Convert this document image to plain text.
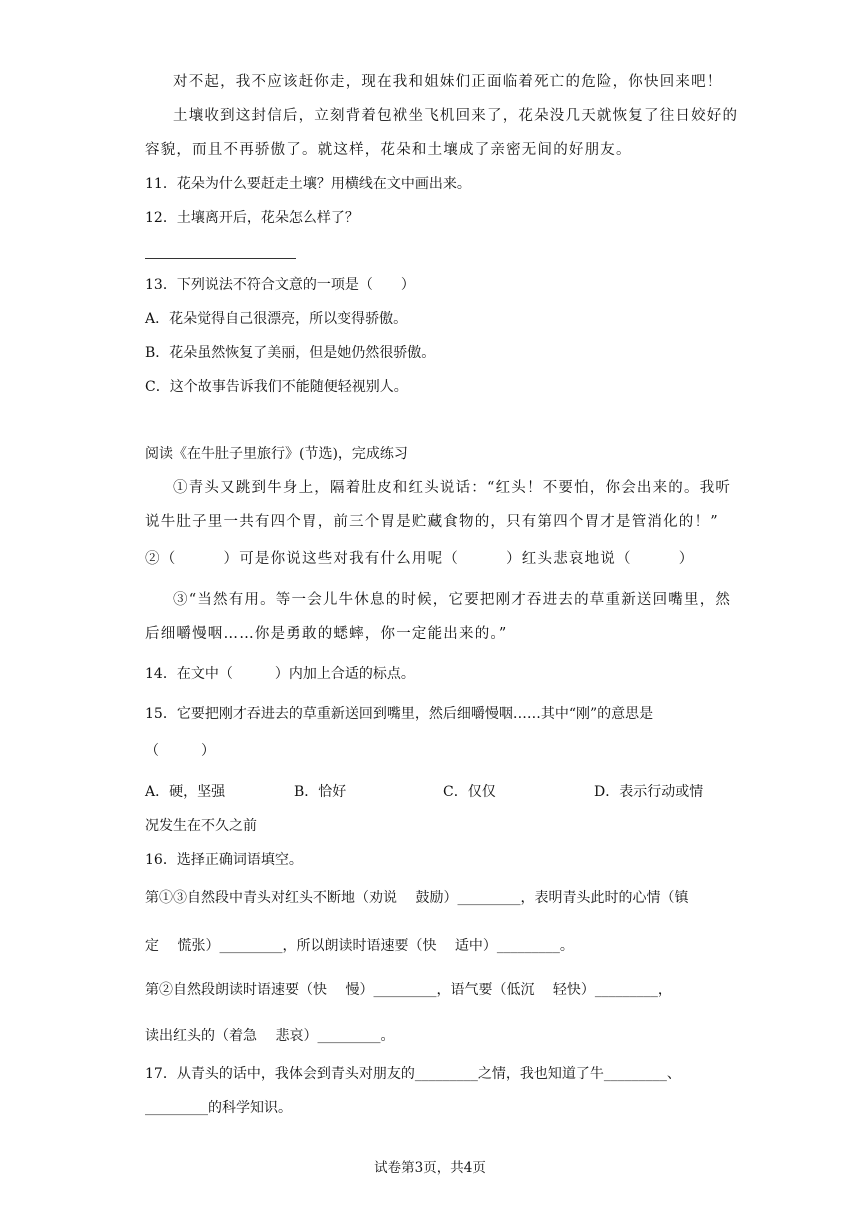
对不起，我不应该赶你走，现在我和姐妹们正面临着死亡的危险，你快回来吧！
土壤收到这封信后，立刻背着包袱坐飞机回来了，花朵没几天就恢复了往日姣好的
容貌，而且不再骄傲了。就这样，花朵和土壤成了亲密无间的好朋友。
11．花朵为什么要赶走土壤？用横线在文中画出来。
12．土壤离开后，花朵怎么样了？
13．下列说法不符合文意的一项是（　　）
A．花朵觉得自己很漂亮，所以变得骄傲。
B．花朵虽然恢复了美丽，但是她仍然很骄傲。
C．这个故事告诉我们不能随便轻视别人。
阅读《在牛肚子里旅行》(节选)，完成练习
①青头又跳到牛身上，隔着肚皮和红头说话：“红头！不要怕，你会出来的。我听
说牛肚子里一共有四个胃，前三个胃是贮藏食物的，只有第四个胃才是管消化的！”
②（　　　）可是你说这些对我有什么用呢（　　　）红头悲哀地说（　　　）
③“当然有用。等一会儿牛休息的时候，它要把刚才吞进去的草重新送回嘴里，然
后细嚼慢咽……你是勇敢的蟋蟀，你一定能出来的。”
14．在文中（　　　）内加上合适的标点。
15．它要把刚才吞进去的草重新送回到嘴里，然后细嚼慢咽……其中“刚”的意思是
（　　　）
A．硬，坚强	B．恰好	C．仅仅	D．表示行动或情
况发生在不久之前
16．选择正确词语填空。
第①③自然段中青头对红头不断地（劝说　 鼓励）_________，表明青头此时的心情（镇
定　 慌张）_________，所以朗读时语速要（快　 适中）_________。
第②自然段朗读时语速要（快　 慢）_________，语气要（低沉　 轻快）_________，
读出红头的（着急　 悲哀）_________。
17．从青头的话中，我体会到青头对朋友的_________之情，我也知道了牛_________、
_________的科学知识。
试卷第3页，共4页
